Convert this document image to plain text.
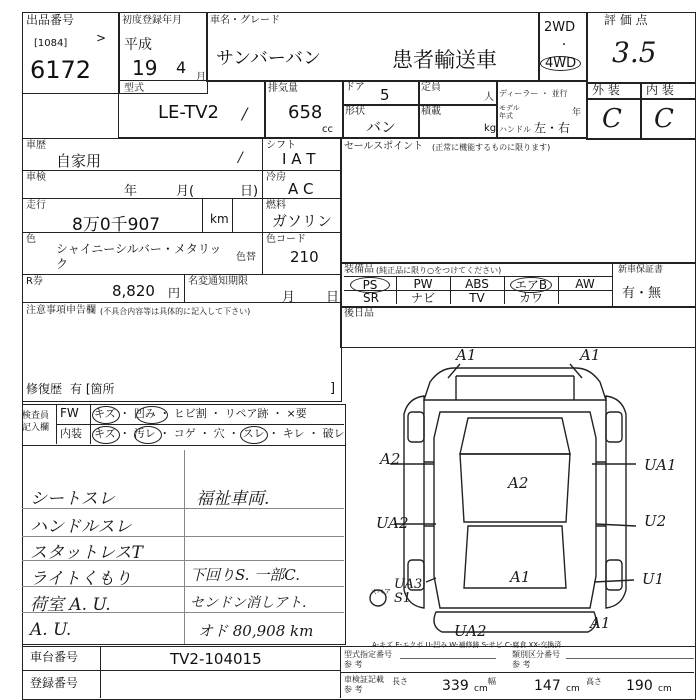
出品番号
[1084] >
6172
初度登録年月
平成
19 4
月
車名・グレード
サンバーバン	患者輸送車
2WD
・
4WD
評 価 点
3.5
型式
LE-TV2 /
排気量
658
cc
ドア 5	定員
人
形状
バン
積載
kg
ディーラー ・ 並行
モデル 年式	年
ハンドル 左・右
外 装 内 装
C C
車歴
自家用	/
シフト
I A T
車検
年	月(	日)
冷房
A C
走行
8万0千907	km
燃料
ガソリン
色
シャイニーシルバー・メタリック	色替
色コード
210
R券
8,820 円
名変通知期限
月 日
注意事項申告欄 (不具合内容等は具体的に記入して下さい)
修復歴 有 [箇所	]
セールスポイント (正常に機能するものに限ります)
装備品 (純正品に限り○をつけてください)	新車保証書
有・無
PS	PW	ABS	エアB	AW
SR	ナビ	TV	カワ
後日品
検査員 記入欄
FW キズ ・ 凹み ・ ヒビ割 ・ リペア跡 ・ ×要
内装 キズ ・ 汚レ ・ コゲ ・ 穴 ・ スレ ・ キレ ・ 破レ
シートスレ
ハンドルスレ
スタットレスT
ライトくもり
荷室 A. U.
A. U.
福祉車両.
下回りS. 一部C.
センドン消しアト.
オド 80,908 km
A1	A1
A2
A2
UA1
UA2	U2
UA3 S1
A1	U1
UA2	A1
スペア
A-キズ E-エクボ U-凹み W-補修跡 S-サビ C-腐食 XX-交換済
車台番号	TV2-104015
登録番号
型式指定番号 参 考
類別区分番号 参 考
車検証記載 参 考
長さ 339 cm
幅	147 cm
高さ 190 cm
